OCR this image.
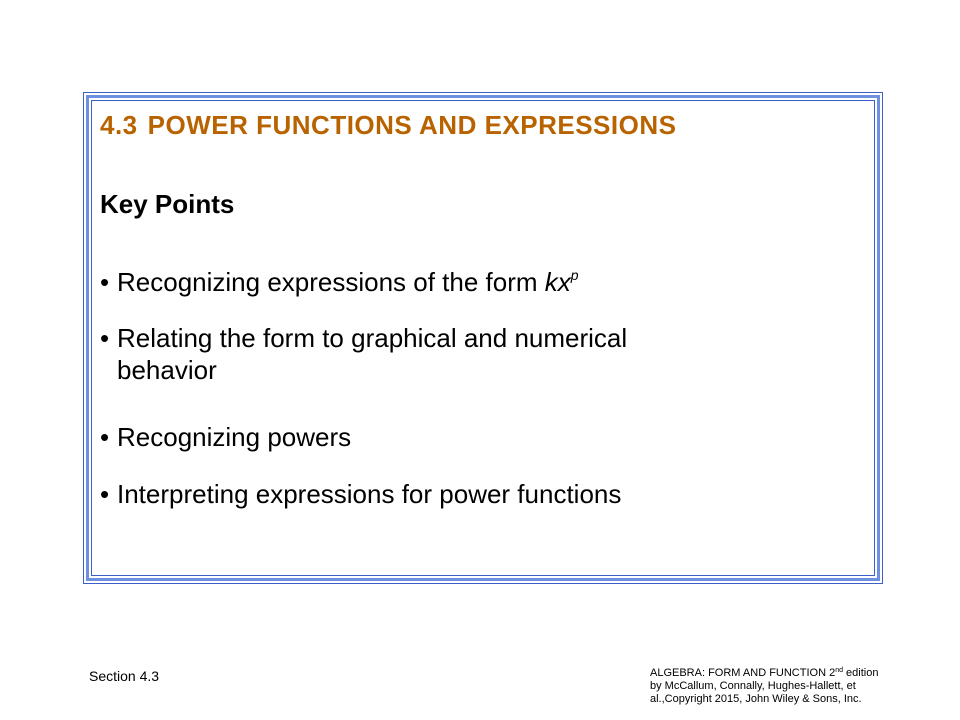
4.3 POWER FUNCTIONS AND EXPRESSIONS
Key Points
• Recognizing expressions of the form $kx^p$
• Relating the form to graphical and numerical
behavior
• Recognizing powers
• Interpreting expressions for power functions
Section 4.3	ALGEBRA: FORM AND FUNCTION 2nd edition by McCallum, Connally, Hughes-Hallett, et al.,Copyright 2015, John Wiley & Sons, Inc.
